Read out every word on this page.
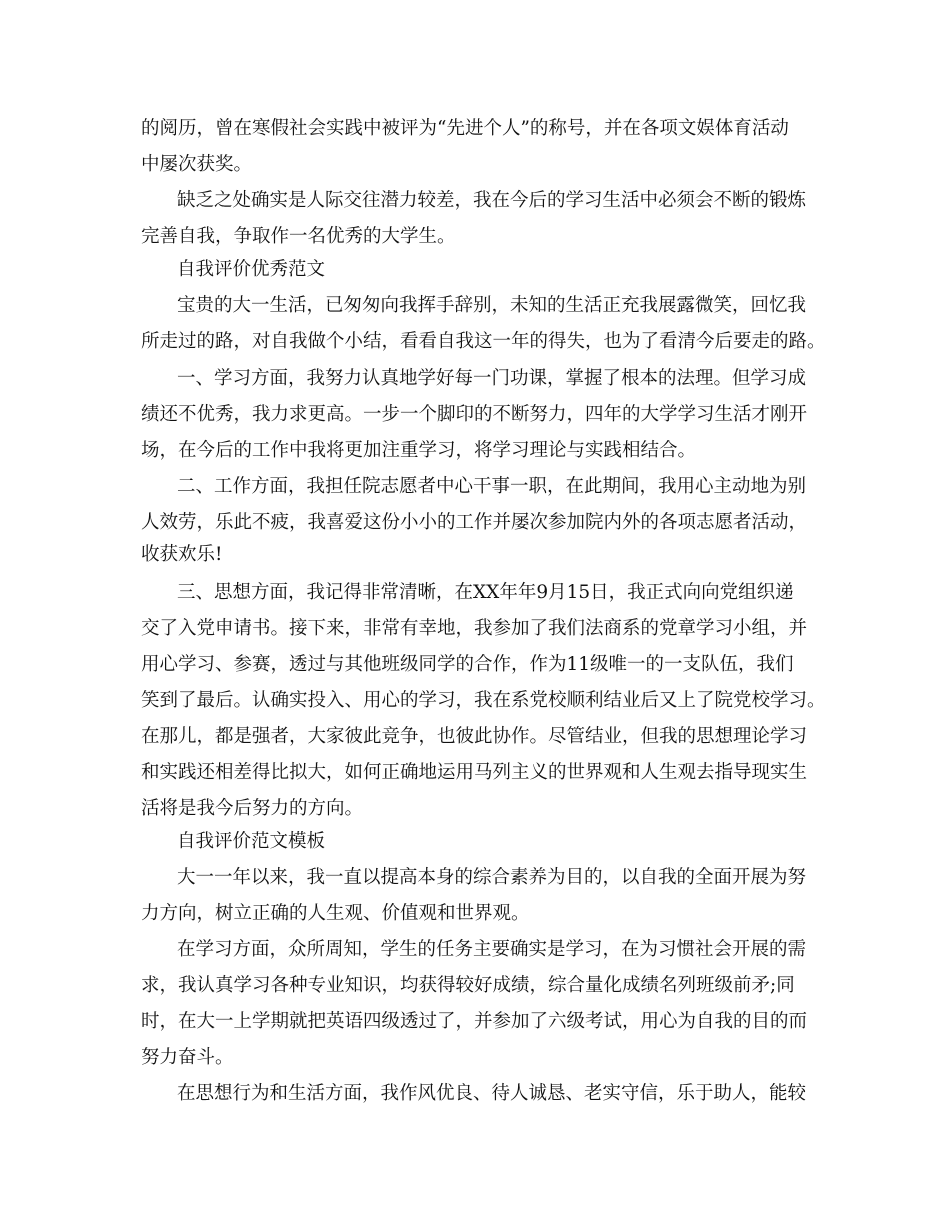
的阅历，曾在寒假社会实践中被评为“先进个人”的称号，并在各项文娱体育活动
中屡次获奖。
缺乏之处确实是人际交往潜力较差，我在今后的学习生活中必须会不断的锻炼
完善自我，争取作一名优秀的大学生。
自我评价优秀范文
宝贵的大一生活，已匆匆向我挥手辞别，未知的生活正充我展露微笑，回忆我
所走过的路，对自我做个小结，看看自我这一年的得失，也为了看清今后要走的路。
一、学习方面，我努力认真地学好每一门功课，掌握了根本的法理。但学习成
绩还不优秀，我力求更高。一步一个脚印的不断努力，四年的大学学习生活才刚开
场，在今后的工作中我将更加注重学习，将学习理论与实践相结合。
二、工作方面，我担任院志愿者中心干事一职，在此期间，我用心主动地为别
人效劳，乐此不疲，我喜爱这份小小的工作并屡次参加院内外的各项志愿者活动，
收获欢乐!
三、思想方面，我记得非常清晰，在XX年年9月15日，我正式向向党组织递
交了入党申请书。接下来，非常有幸地，我参加了我们法商系的党章学习小组，并
用心学习、参赛，透过与其他班级同学的合作，作为11级唯一的一支队伍，我们
笑到了最后。认确实投入、用心的学习，我在系党校顺利结业后又上了院党校学习。
在那儿，都是强者，大家彼此竞争，也彼此协作。尽管结业，但我的思想理论学习
和实践还相差得比拟大，如何正确地运用马列主义的世界观和人生观去指导现实生
活将是我今后努力的方向。
自我评价范文模板
大一一年以来，我一直以提高本身的综合素养为目的，以自我的全面开展为努
力方向，树立正确的人生观、价值观和世界观。
在学习方面，众所周知，学生的任务主要确实是学习，在为习惯社会开展的需
求，我认真学习各种专业知识，均获得较好成绩，综合量化成绩名列班级前矛;同
时，在大一上学期就把英语四级透过了，并参加了六级考试，用心为自我的目的而
努力奋斗。
在思想行为和生活方面，我作风优良、待人诚恳、老实守信，乐于助人，能较
